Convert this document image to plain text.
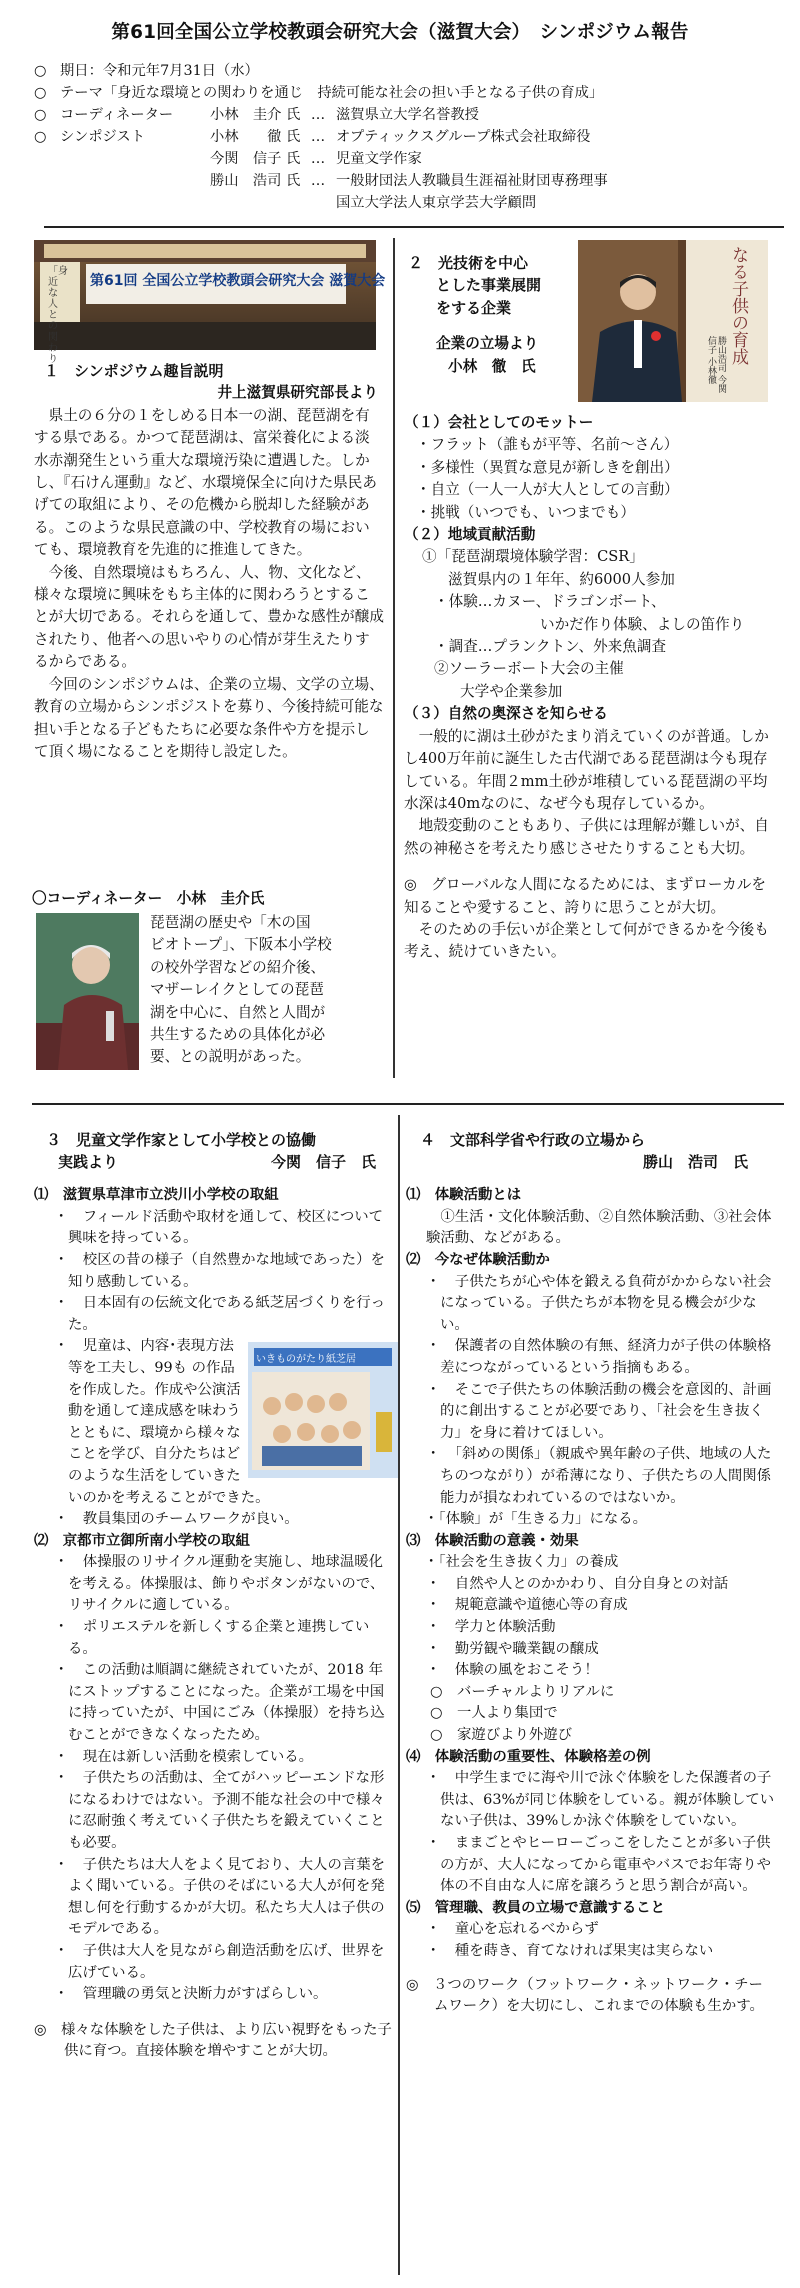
第61回全国公立学校教頭会研究大会（滋賀大会）　シンポジウム報告
○ 期日：令和元年7月31日（水）
○ テーマ「身近な環境との関わりを通じ　持続可能な社会の担い手となる子供の育成」
○ コーディネーター	小林　圭介 氏 … 滋賀県立大学名誉教授
○ シンポジスト	小林　　徹 氏 … オプティックスグループ株式会社取締役
今関　信子 氏 … 児童文学作家
勝山　浩司 氏 … 一般財団法人教職員生涯福祉財団専務理事
国立大学法人東京学芸大学顧問
第61回 全国公立学校教頭会研究大会 滋賀大会
「身近な人との関わり
１　シンポジウム趣旨説明
井上滋賀県研究部長より

県土の６分の１をしめる日本一の湖、琵琶湖を有する県である。かつて琵琶湖は、富栄養化による淡水赤潮発生という重大な環境汚染に遭遇した。しかし、『石けん運動』など、水環境保全に向けた県民あげての取組により、その危機から脱却した経験がある。このような県民意識の中、学校教育の場においても、環境教育を先進的に推進してきた。

今後、自然環境はもちろん、人、物、文化など、様々な環境に興味をもち主体的に関わろうとすることが大切である。それらを通して、豊かな感性が醸成されたり、他者への思いやりの心情が芽生えたりするからである。

今回のシンポジウムは、企業の立場、文学の立場、教育の立場からシンポジストを募り、今後持続可能な担い手となる子どもたちに必要な条件や方を提示して頂く場になることを期待し設定した。

〇コーディネーター　小林　圭介氏
琵琶湖の歴史や「木の国
ビオトープ」、下阪本小学校
の校外学習などの紹介後、
マザーレイクとしての琵琶
湖を中心に、自然と人間が
共生するための具体化が必
要、との説明があった。
２　光技術を中心
とした事業展開
をする企業
企業の立場より
小林　徹　氏
なる子供の育成
勝山浩司 今関信子 小林徹
（１）会社としてのモットー
・フラット（誰もが平等、名前～さん）
・多様性（異質な意見が新しきを創出）
・自立（一人一人が大人としての言動）
・挑戦（いつでも、いつまでも）
（２）地域貢献活動
①「琵琶湖環境体験学習：CSR」
滋賀県内の１年年、約6000人参加
・体験…カヌー、ドラゴンボート、
いかだ作り体験、よしの笛作り
・調査…プランクトン、外来魚調査
②ソーラーボート大会の主催
大学や企業参加
（３）自然の奥深さを知らせる

一般的に湖は土砂がたまり消えていくのが普通。しかし400万年前に誕生した古代湖である琵琶湖は今も現存している。年間２mm土砂が堆積している琵琶湖の平均水深は40mなのに、なぜ今も現存しているか。

地殻変動のこともあり、子供には理解が難しいが、自然の神秘さを考えたり感じさせたりすることも大切。

◎　グローバルな人間になるためには、まずローカルを知ることや愛すること、誇りに思うことが大切。

そのための手伝いが企業として何ができるかを今後も考え、続けていきたい。

３　児童文学作家として小学校との協働
実践より	今関　信子　氏
⑴　滋賀県草津市立渋川小学校の取組
・　フィールド活動や取材を通して、校区について興味を持っている。
・　校区の昔の様子（自然豊かな地域であった）を知り感動している。
・　日本固有の伝統文化である紙芝居づくりを行った。
いきものがたり紙芝居
・　児童は、内容･表現方法等を工夫し、99も の作品を作成した。作成や公演活動を通して達成感を味わうとともに、環境から様々なことを学び、自分たちはどのような生活をしていきたいのかを考えることができた。
・　教員集団のチームワークが良い。
⑵　京都市立御所南小学校の取組
・　体操服のリサイクル運動を実施し、地球温暖化を考える。体操服は、飾りやボタンがないので、リサイクルに適している。
・　ポリエステルを新しくする企業と連携している。
・　この活動は順調に継続されていたが、2018 年にストップすることになった。企業が工場を中国に持っていたが、中国にごみ（体操服）を持ち込むことができなくなったため。
・　現在は新しい活動を模索している。
・　子供たちの活動は、全てがハッピーエンドな形になるわけではない。予測不能な社会の中で様々に忍耐強く考えていく子供たちを鍛えていくことも必要。
・　子供たちは大人をよく見ており、大人の言葉をよく聞いている。子供のそばにいる大人が何を発想し何を行動するかが大切。私たち大人は子供のモデルである。
・　子供は大人を見ながら創造活動を広げ、世界を広げている。
・　管理職の勇気と決断力がすばらしい。

◎　様々な体験をした子供は、より広い視野をもった子供に育つ。直接体験を増やすことが大切。

４　文部科学省や行政の立場から
勝山　浩司　氏
⑴　体験活動とは

①生活・文化体験活動、②自然体験活動、③社会体験活動、などがある。

⑵　今なぜ体験活動か
・　子供たちが心や体を鍛える負荷がかからない社会になっている。子供たちが本物を見る機会が少ない。
・　保護者の自然体験の有無、経済力が子供の体験格差につながっているという指摘もある。
・　そこで子供たちの体験活動の機会を意図的、計画的に創出することが必要であり、「社会を生き抜く力」を身に着けてほしい。
・　「斜めの関係」（親戚や異年齢の子供、地域の人たちのつながり）が希薄になり、子供たちの人間関係能力が損なわれているのではないか。
・「体験」が「生きる力」になる。
⑶　体験活動の意義・効果
・「社会を生き抜く力」の養成
・　自然や人とのかかわり、自分自身との対話
・　規範意識や道徳心等の育成
・　学力と体験活動
・　勤労観や職業観の醸成
・　体験の風をおこそう！
○　バーチャルよりリアルに
○　一人より集団で
○　家遊びより外遊び
⑷　体験活動の重要性、体験格差の例
・　中学生までに海や川で泳ぐ体験をした保護者の子供は、63%が同じ体験をしている。親が体験していない子供は、39%しか泳ぐ体験をしていない。
・　ままごとやヒーローごっこをしたことが多い子供の方が、大人になってから電車やバスでお年寄りや体の不自由な人に席を譲ろうと思う割合が高い。
⑸　管理職、教員の立場で意識すること
・　童心を忘れるべからず
・　種を蒔き、育てなければ果実は実らない

◎　３つのワーク（フットワーク・ネットワーク・チームワーク）を大切にし、これまでの体験も生かす。
